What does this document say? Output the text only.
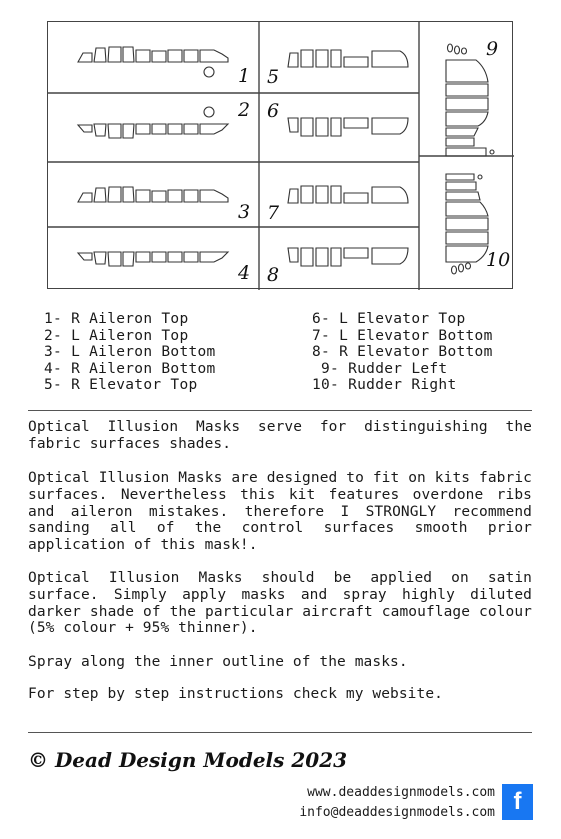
1
2
3
4
5
6
7
8
9
10
1- R Aileron Top
2- L Aileron Top
3- L Aileron Bottom
4- R Aileron Bottom
5- R Elevator Top
6- L Elevator Top
7- L Elevator Bottom
8- R Elevator Bottom
9- Rudder Left
10- Rudder Right

Optical Illusion Masks serve for distinguishing the fabric surfaces shades.

Optical Illusion Masks are designed to fit on kits fabric surfaces. Nevertheless this kit features overdone ribs and aileron mistakes. therefore I STRONGLY recommend sanding all of the control surfaces smooth prior application of this mask!.

Optical Illusion Masks should be applied on satin surface. Simply apply masks and spray highly diluted darker shade of the particular aircraft camouflage colour (5% colour + 95% thinner).

Spray along the inner outline of the masks.

For step by step instructions check my website.

© Dead Design Models 2023
www.deaddesignmodels.com
info@deaddesignmodels.com f
